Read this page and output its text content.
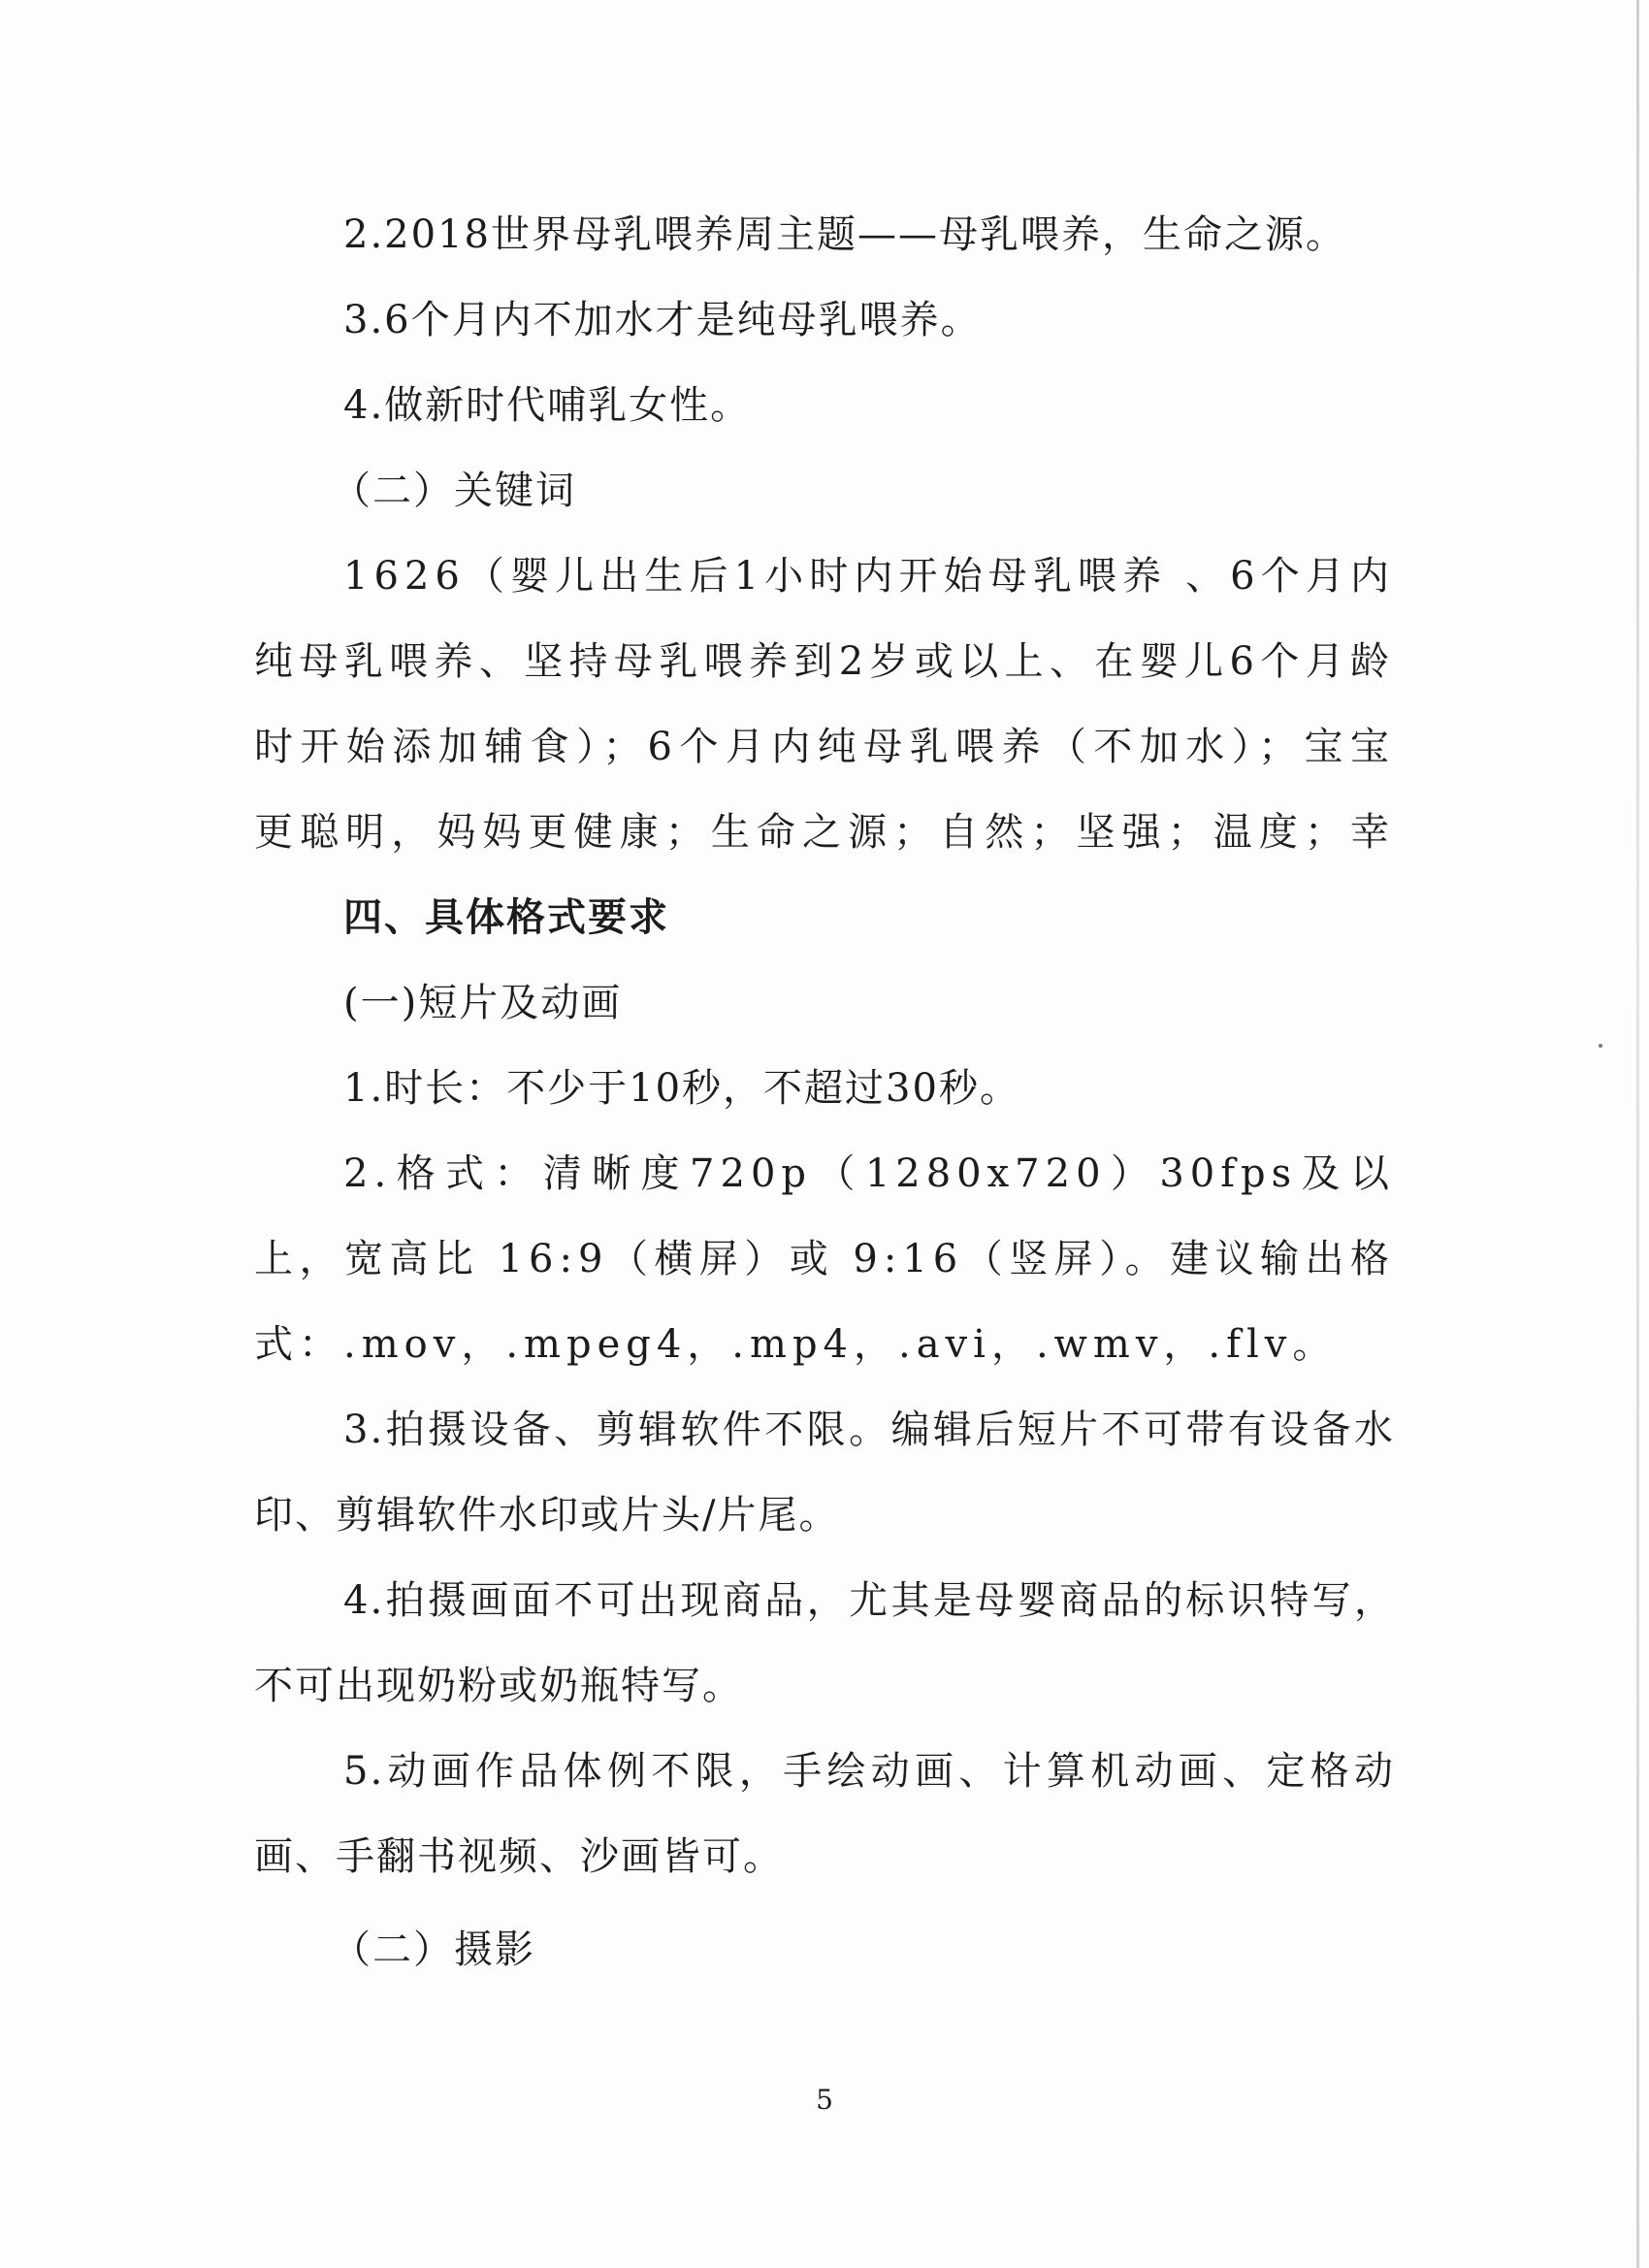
2.2018世界母乳喂养周主题——母乳喂养，生命之源。
3.6个月内不加水才是纯母乳喂养。
4.做新时代哺乳女性。
（二）关键词
1626（婴儿出生后1小时内开始母乳喂养 、6个月内纯母乳喂养、坚持母乳喂养到2岁或以上、在婴儿6个月龄时开始添加辅食）；6个月内纯母乳喂养（不加水）；宝宝更聪明，妈妈更健康；生命之源；自然；坚强；温度；幸
四、具体格式要求
(一)短片及动画
1.时长：不少于10秒，不超过30秒。
2.格式：清晰度720p（1280x720）30fps及以上，宽高比 16:9（横屏）或 9:16（竖屏）。建议输出格式：.mov，.mpeg4，.mp4，.avi，.wmv，.flv。
3.拍摄设备、剪辑软件不限。编辑后短片不可带有设备水印、剪辑软件水印或片头/片尾。
4.拍摄画面不可出现商品，尤其是母婴商品的标识特写，不可出现奶粉或奶瓶特写。
5.动画作品体例不限，手绘动画、计算机动画、定格动画、手翻书视频、沙画皆可。
（二）摄影
5
